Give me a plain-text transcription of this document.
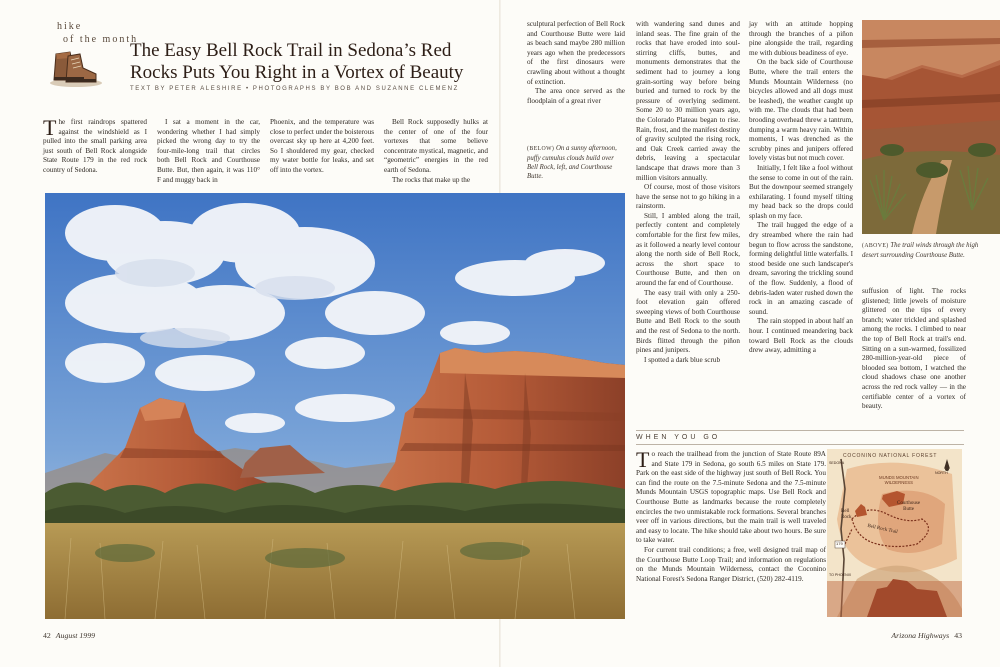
hike
of the month
The Easy Bell Rock Trail in Sedona’s Red
Rocks Puts You Right in a Vortex of Beauty
TEXT BY PETER ALESHIRE • PHOTOGRAPHS BY BOB AND SUZANNE CLEMENZ
The first raindrops spattered against the windshield as I pulled into the small parking area just south of Bell Rock alongside State Route 179 in the red rock country of Sedona.

I sat a moment in the car, wondering whether I had simply picked the wrong day to try the four-mile-long trail that circles both Bell Rock and Courthouse Butte. But, then again, it was 110° F and muggy back in

Phoenix, and the temperature was close to perfect under the boisterous overcast sky up here at 4,200 feet. So I shouldered my gear, checked my water bottle for leaks, and set off into the vortex.

Bell Rock supposedly hulks at the center of one of the four vortexes that some believe concentrate mystical, magnetic, and “geometric” energies in the red earth of Sedona.

The rocks that make up the

sculptural perfection of Bell Rock and Courthouse Butte were laid as beach sand maybe 280 million years ago when the predecessors of the first dinosaurs were crawling about without a thought of extinction.

The area once served as the floodplain of a great river

(BELOW) On a sunny afternoon, puffy cumulus clouds build over Bell Rock, left, and Courthouse Butte.

with wandering sand dunes and inland seas. The fine grain of the rocks that have eroded into soul-stirring cliffs, buttes, and monuments demonstrates that the sediment had to journey a long grain-sorting way before being buried and turned to rock by the pressure of overlying sediment. Some 20 to 30 million years ago, the Colorado Plateau began to rise. Rain, frost, and the manifest destiny of gravity sculpted the rising rock, and Oak Creek carried away the debris, leaving a spectacular landscape that draws more than 3 million visitors annually.

Of course, most of those visitors have the sense not to go hiking in a rainstorm.

Still, I ambled along the trail, perfectly content and completely comfortable for the first few miles, as it followed a nearly level contour along the north side of Bell Rock, across the short space to Courthouse Butte, and then on around the far end of Courthouse.

The easy trail with only a 250-foot elevation gain offered sweeping views of both Courthouse Butte and Bell Rock to the south and the rest of Sedona to the north. Birds flitted through the piñon pines and junipers.

I spotted a dark blue scrub

jay with an attitude hopping through the branches of a piñon pine alongside the trail, regarding me with dubious beadiness of eye.

On the back side of Courthouse Butte, where the trail enters the Munds Mountain Wilderness (no bicycles allowed and all dogs must be leashed), the weather caught up with me. The clouds that had been brooding overhead threw a tantrum, dumping a warm heavy rain. Within moments, I was drenched as the scrubby pines and junipers offered lovely vistas but not much cover.

Initially, I felt like a fool without the sense to come in out of the rain. But the downpour seemed strangely exhilarating. I found myself tilting my head back so the drops could splash on my face.

The trail hugged the edge of a dry streambed where the rain had begun to flow across the sandstone, forming delightful little waterfalls. I stood beside one such landscaper's dream, savoring the trickling sound of the flow. Suddenly, a flood of debris-laden water rushed down the rock in an amazing cascade of sound.

The rain stopped in about half an hour. I continued meandering back toward Bell Rock as the clouds drew away, admitting a

(ABOVE) The trail winds through the high desert surrounding Courthouse Butte.

suffusion of light. The rocks glistened; little jewels of moisture glittered on the tips of every branch; water trickled and splashed among the rocks. I climbed to near the top of Bell Rock at trail's end. Sitting on a sun-warmed, fossilized 280-million-year-old piece of blooded sea bottom, I watched the cloud shadows chase one another across the red rock valley — in the certifiable center of a vortex of beauty.

WHEN YOU GO

To reach the trailhead from the junction of State Route 89A and State 179 in Sedona, go south 6.5 miles on State 179. Park on the east side of the highway just south of Bell Rock. You can find the route on the 7.5-minute Sedona and the 7.5-minute Munds Mountain USGS topographic maps. Use Bell Rock and Courthouse Butte as landmarks because the route completely encircles the two unmistakable rock formations. Several branches veer off in various directions, but the main trail is well traveled and easy to locate. The hike should take about two hours. Be sure to take water.

For current trail conditions; a free, well designed trail map of the Courthouse Butte Loop Trail; and information on regulations on the Munds Mountain Wilderness, contact the Coconino National Forest's Sedona Ranger District, (520) 282-4119.

COCONINO NATIONAL FOREST
MUNDS MOUNTAIN
WILDERNESS
Courthouse
Butte
Bell
Rock
Bell Rock Trail
179
NORTH
SEDONA
TO PHOENIX
42 August 1999	Arizona Highways 43
